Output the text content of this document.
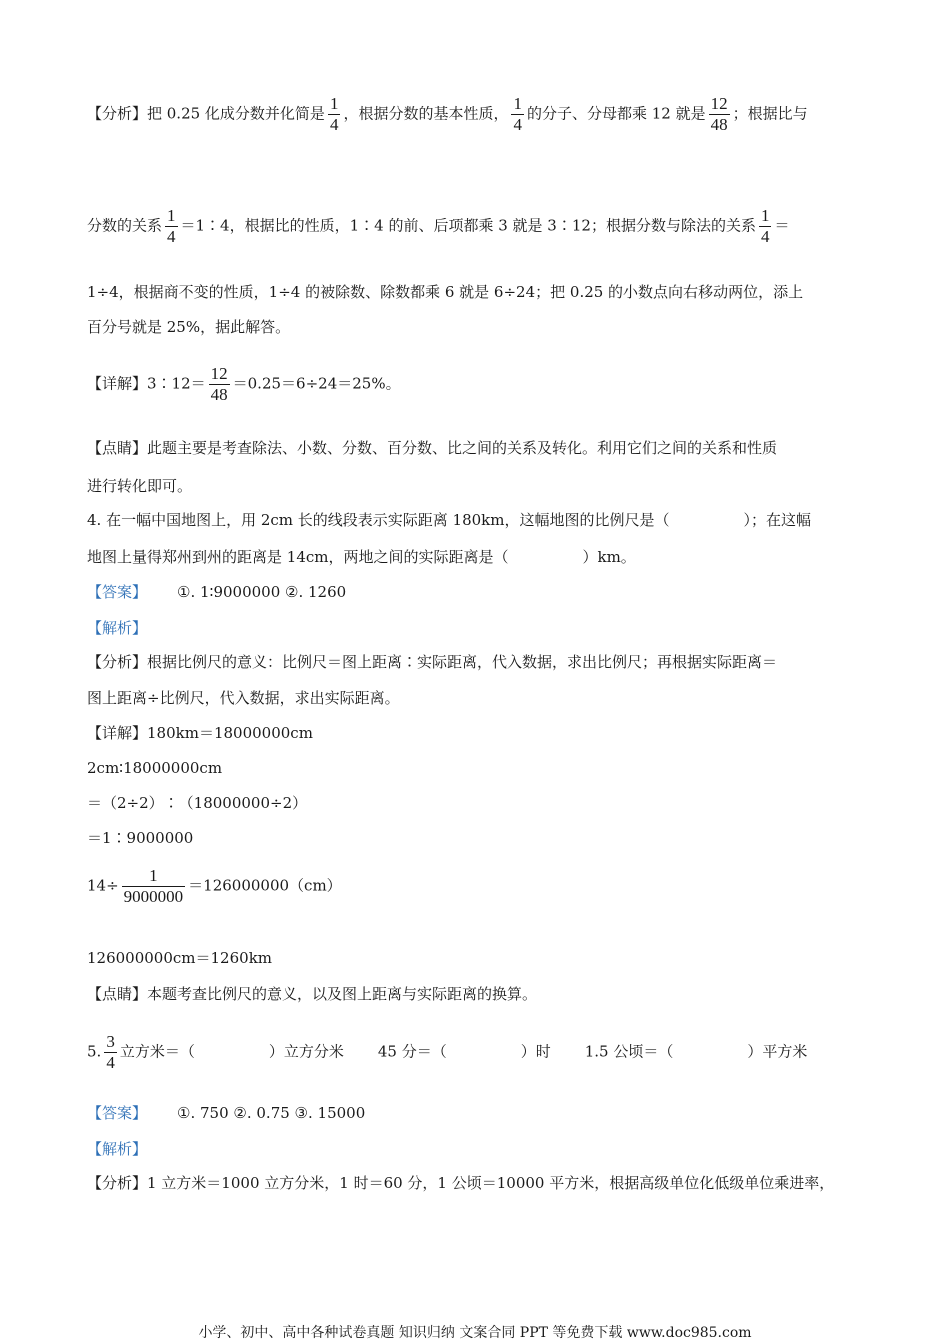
【分析】把 0.25 化成分数并化简是 $\frac{1}{4}$ ，根据分数的基本性质， $\frac{1}{4}$ 的分子、分母都乘 12 就是 $\frac{12}{48}$ ；根据比与
分数的关系 $\frac{1}{4}$ ＝1∶4，根据比的性质，1∶4 的前、后项都乘 3 就是 3∶12；根据分数与除法的关系 $\frac{1}{4}$ ＝
1÷4，根据商不变的性质，1÷4 的被除数、除数都乘 6 就是 6÷24；把 0.25 的小数点向右移动两位，添上
百分号就是 25%，据此解答。
【详解】3∶12＝ $\frac{12}{48} =0.25=6\div 24=25\%$。
【点睛】此题主要是考查除法、小数、分数、百分数、比之间的关系及转化。利用它们之间的关系和性质
进行转化即可。
4. 在一幅中国地图上，用 2cm 长的线段表示实际距离 180km，这幅地图的比例尺是（	）；在这幅
地图上量得郑州到州的距离是 14cm，两地之间的实际距离是（	）km。
【答案】 ①. 1∶9000000 ②. 1260
【解析】
【分析】根据比例尺的意义：比例尺＝图上距离∶实际距离，代入数据，求出比例尺；再根据实际距离＝
图上距离÷比例尺，代入数据，求出实际距离。
【详解】180km＝18000000cm
2cm∶18000000cm
＝（2÷2）∶（18000000÷2）
＝1∶9000000
$14\div \frac{1}{9000000} =126000000(cm)$
126000000cm＝1260km
【点睛】本题考查比例尺的意义，以及图上距离与实际距离的换算。
5. $\frac{3}{4}$ 立方米＝（	）立方分米 45 分＝（	）时 1.5 公顷＝（	）平方米
【答案】 ①. 750 ②. 0.75 ③. 15000
【解析】
【分析】1 立方米＝1000 立方分米，1 时＝60 分，1 公顷＝10000 平方米，根据高级单位化低级单位乘进率，
小学、初中、高中各种试卷真题 知识归纳 文案合同 PPT 等免费下载 www.doc985.com
